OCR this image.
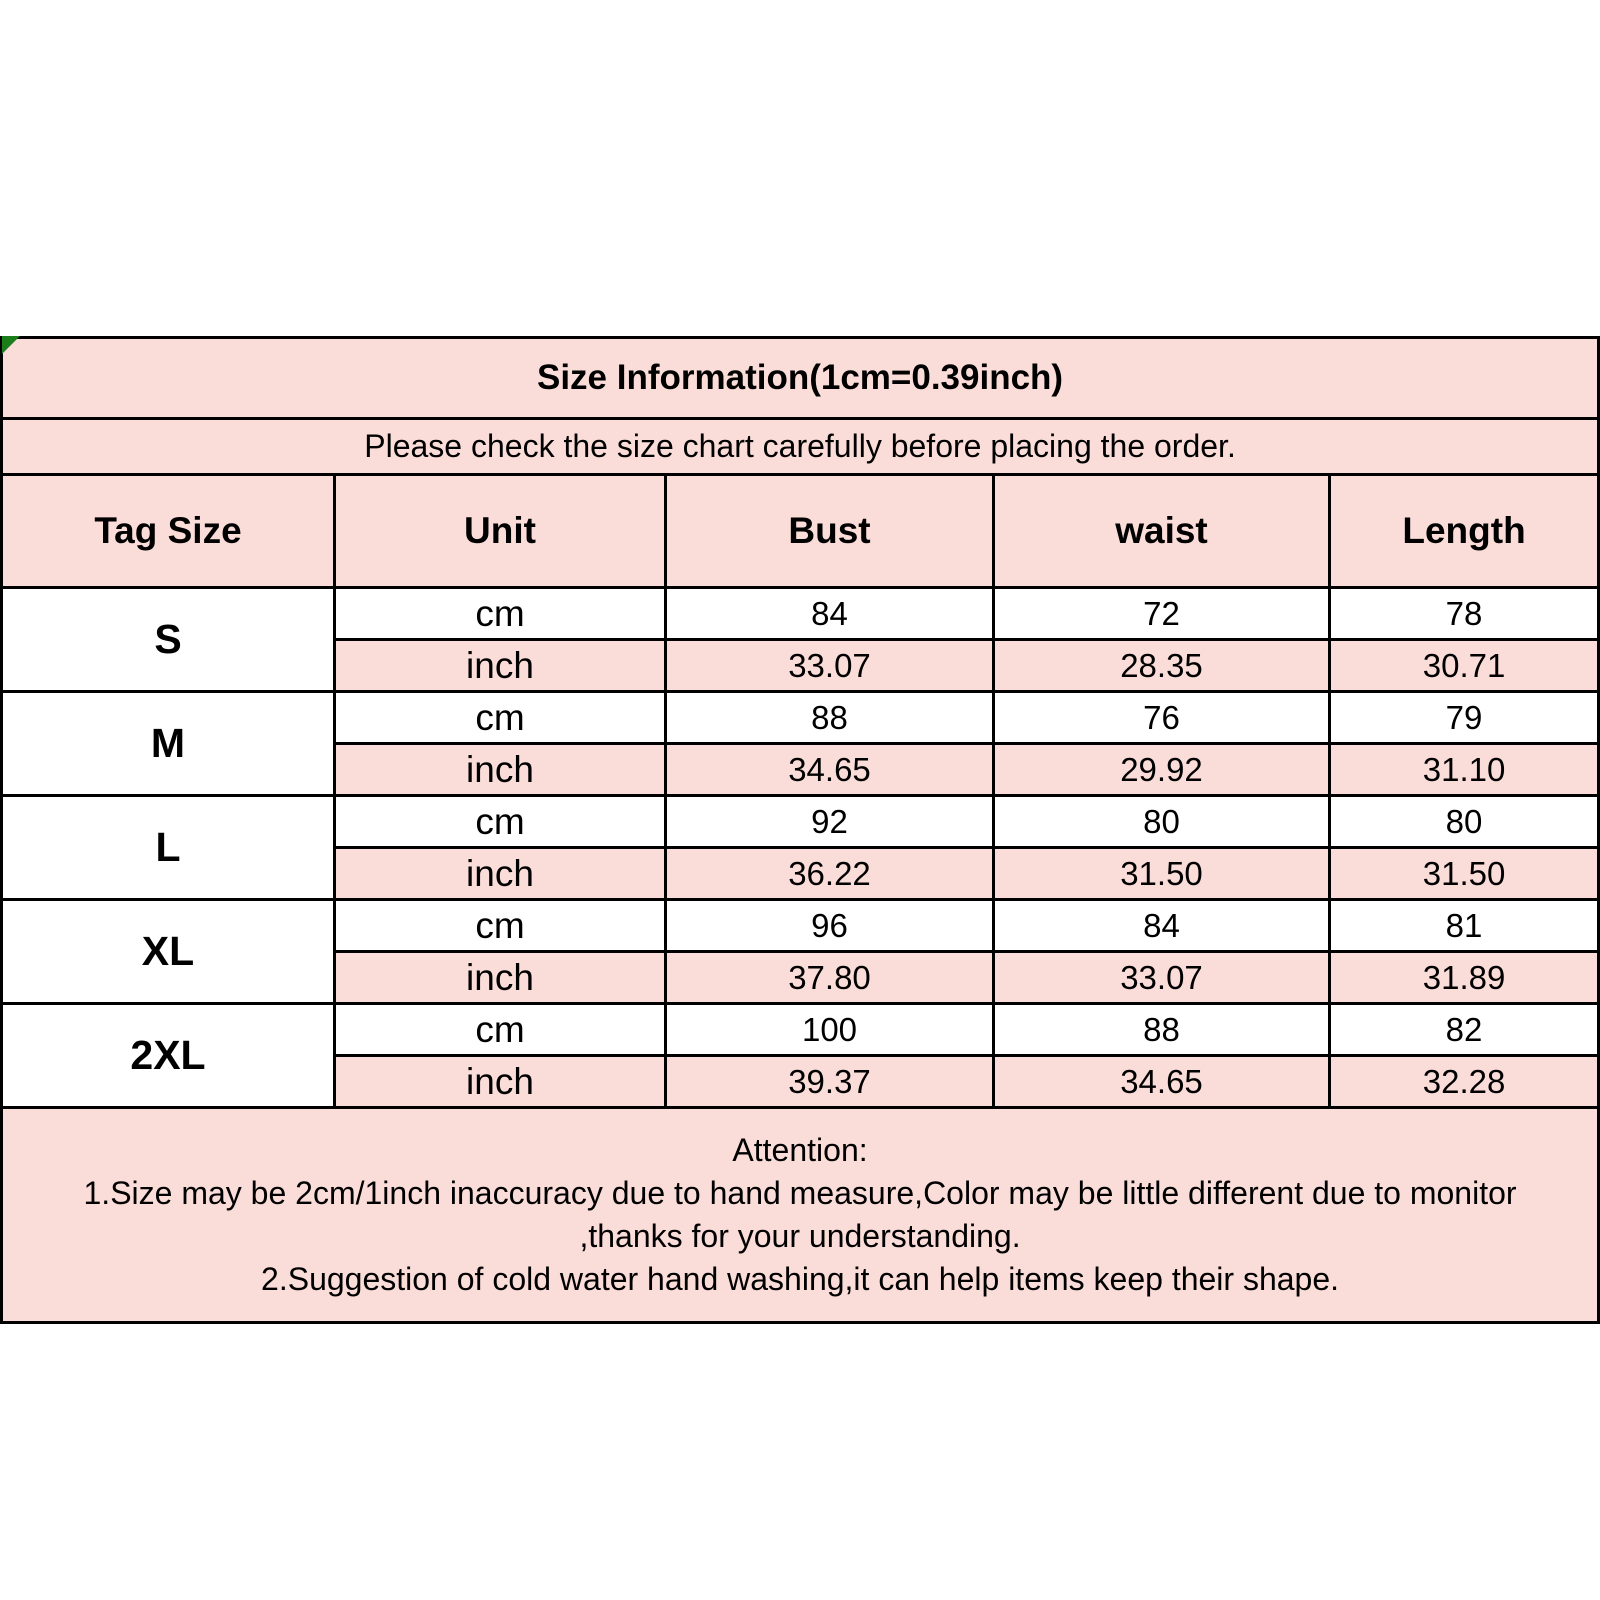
Size Information(1cm=0.39inch)				
Please check the size chart carefully before placing the order.				
Tag Size	Unit	Bust	waist	Length
S	cm	84	72	78
	inch	33.07	28.35	30.71
M	cm	88	76	79
	inch	34.65	29.92	31.10
L	cm	92	80	80
	inch	36.22	31.50	31.50
XL	cm	96	84	81
	inch	37.80	33.07	31.89
2XL	cm	100	88	82
	inch	39.37	34.65	32.28

Attention:
1.Size may be 2cm/1inch inaccuracy due to hand measure,Color may be little different due to monitor
,thanks for your understanding.
2.Suggestion of cold water hand washing,it can help items keep their shape.				
